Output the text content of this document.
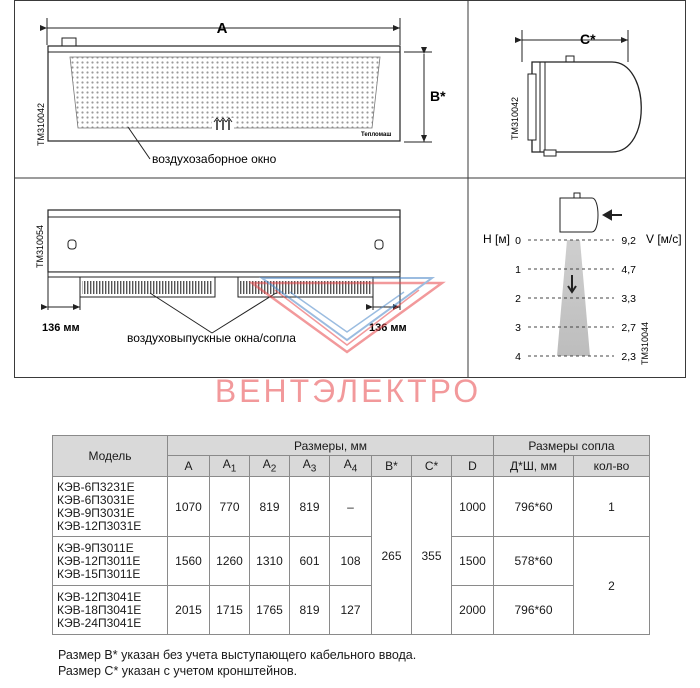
A
B*
Тепломаш
ТМ310042
воздухозаборное окно
C*
ТМ310042
136 мм	136 мм
воздуховыпускные окна/сопла
ТМ310054	H [м]	V [м/с]
0	9,2
1	4,7
2	3,3
3	2,7
4	2,3 ТМ310044
ВЕНТЭЛЕКТРО
Модель	Размеры, мм								Размеры сопла	
	A	$A_1$	$A_2$	$A_3$	$A_4$	B*	C*	D	Д*Ш, мм	кол-во

КЭВ-6П3231Е
КЭВ-6П3031Е
КЭВ-9П3031Е
КЭВ-12П3031Е	1070	770	819	819	–	265	355	1000	796*60	1

КЭВ-9П3011Е
КЭВ-12П3011Е
КЭВ-15П3011Е	1560	1260	1310	601	108			1500	578*60	2

КЭВ-12П3041Е
КЭВ-18П3041Е
КЭВ-24П3041Е	2015	1715	1765	819	127			2000	796*60	
Размер В* указан без учета выступающего кабельного ввода.
Размер С* указан с учетом кронштейнов.
